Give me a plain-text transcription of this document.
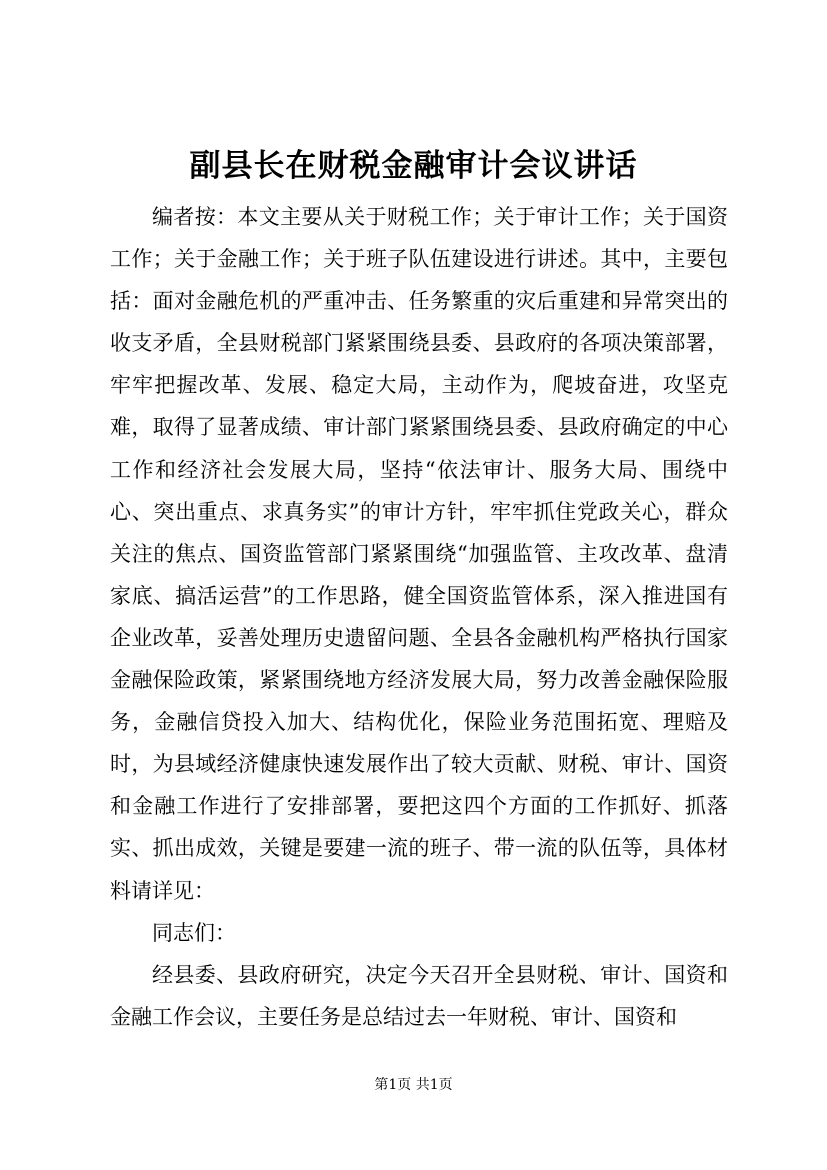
副县长在财税金融审计会议讲话

编者按：本文主要从关于财税工作；关于审计工作；关于国资工作；关于金融工作；关于班子队伍建设进行讲述。其中，主要包括：面对金融危机的严重冲击、任务繁重的灾后重建和异常突出的收支矛盾，全县财税部门紧紧围绕县委、县政府的各项决策部署，牢牢把握改革、发展、稳定大局，主动作为，爬坡奋进，攻坚克难，取得了显著成绩、审计部门紧紧围绕县委、县政府确定的中心工作和经济社会发展大局，坚持“依法审计、服务大局、围绕中心、突出重点、求真务实”的审计方针，牢牢抓住党政关心，群众关注的焦点、国资监管部门紧紧围绕“加强监管、主攻改革、盘清家底、搞活运营”的工作思路，健全国资监管体系，深入推进国有企业改革，妥善处理历史遗留问题、全县各金融机构严格执行国家金融保险政策，紧紧围绕地方经济发展大局，努力改善金融保险服务，金融信贷投入加大、结构优化，保险业务范围拓宽、理赔及时，为县域经济健康快速发展作出了较大贡献、财税、审计、国资和金融工作进行了安排部署，要把这四个方面的工作抓好、抓落实、抓出成效，关键是要建一流的班子、带一流的队伍等，具体材料请详见：

同志们：

经县委、县政府研究，决定今天召开全县财税、审计、国资和金融工作会议，主要任务是总结过去一年财税、审计、国资和

第1页 共1页
